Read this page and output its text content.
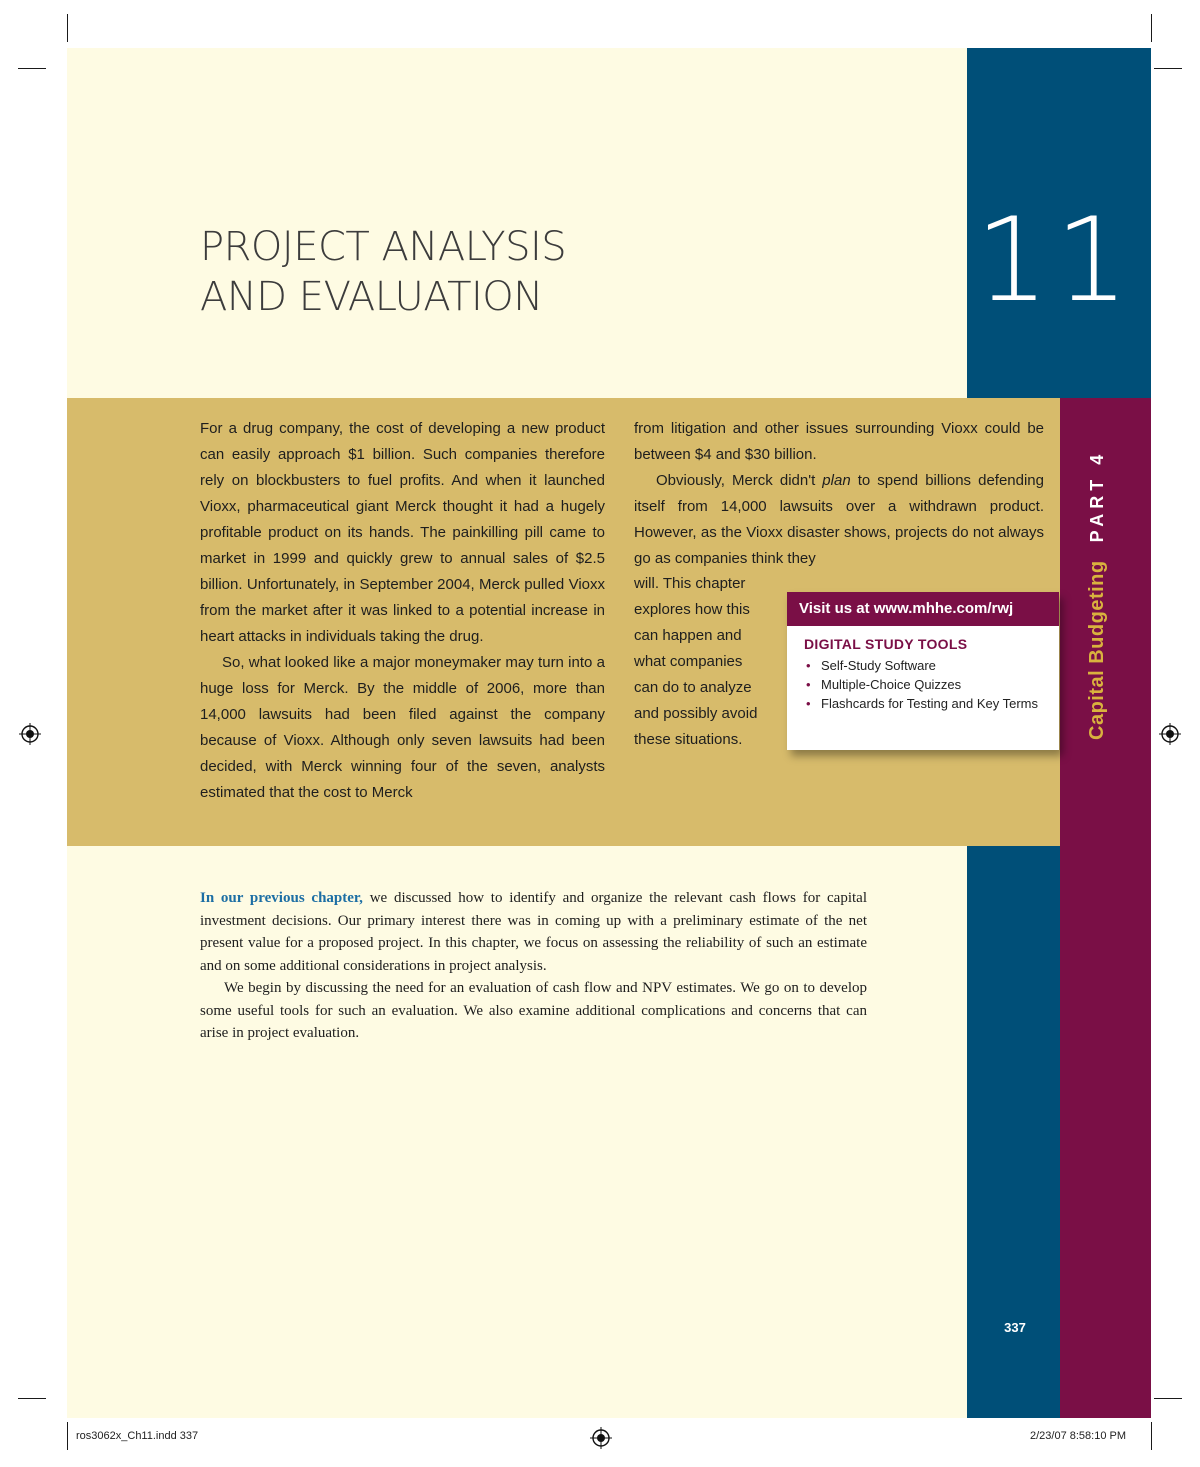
PROJECT ANALYSIS
AND EVALUATION	11
Capital Budgeting
PART 4

For a drug company, the cost of developing a new product can easily approach $1 billion. Such companies therefore rely on blockbusters to fuel profits. And when it launched Vioxx, pharmaceutical giant Merck thought it had a hugely profitable product on its hands. The painkilling pill came to market in 1999 and quickly grew to annual sales of $2.5 billion. Unfortunately, in September 2004, Merck pulled Vioxx from the market after it was linked to a potential increase in heart attacks in individuals taking the drug.

So, what looked like a major moneymaker may turn into a huge loss for Merck. By the middle of 2006, more than 14,000 lawsuits had been filed against the company because of Vioxx. Although only seven lawsuits had been decided, with Merck winning four of the seven, analysts estimated that the cost to Merck

from litigation and other issues surrounding Vioxx could be between $4 and $30 billion.

Obviously, Merck didn't plan to spend billions defending itself from 14,000 lawsuits over a withdrawn product. However, as the Vioxx disaster shows, projects do not always go as companies think they

will. This chapter explores how this can happen and what companies can do to analyze and possibly avoid these situations.

Visit us at www.mhhe.com/rwj
DIGITAL STUDY TOOLS
• Self-Study Software
• Multiple-Choice Quizzes
• Flashcards for Testing and Key Terms

In our previous chapter, we discussed how to identify and organize the relevant cash flows for capital investment decisions. Our primary interest there was in coming up with a preliminary estimate of the net present value for a proposed project. In this chapter, we focus on assessing the reliability of such an estimate and on some additional considerations in project analysis.

We begin by discussing the need for an evaluation of cash flow and NPV estimates. We go on to develop some useful tools for such an evaluation. We also examine additional complications and concerns that can arise in project evaluation.

337
ros3062x_Ch11.indd 337	2/23/07 8:58:10 PM
